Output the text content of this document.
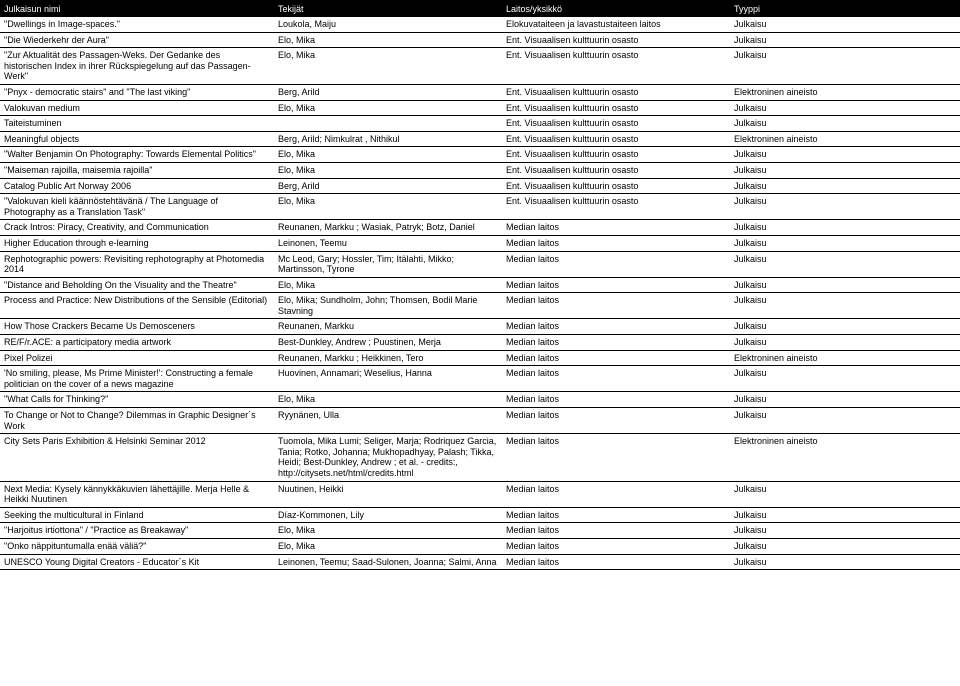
Julkaisun nimi	Tekijät	Laitos/yksikkö	Tyyppi
"Dwellings in Image-spaces."	Loukola, Maiju	Elokuvataiteen ja lavastustaiteen laitos	Julkaisu
"Die Wiederkehr der Aura"	Elo, Mika	Ent. Visuaalisen kulttuurin osasto	Julkaisu
"Zur Aktualität des Passagen-Weks. Der Gedanke des historischen Index in ihrer Rückspiegelung auf das Passagen-Werk"	Elo, Mika	Ent. Visuaalisen kulttuurin osasto	Julkaisu
"Pnyx - democratic stairs" and "The last viking"	Berg, Arild	Ent. Visuaalisen kulttuurin osasto	Elektroninen aineisto
Valokuvan medium	Elo, Mika	Ent. Visuaalisen kulttuurin osasto	Julkaisu
Taiteistuminen		Ent. Visuaalisen kulttuurin osasto	Julkaisu
Meaningful objects	Berg, Arild; Nimkulrat , Nithikul	Ent. Visuaalisen kulttuurin osasto	Elektroninen aineisto
"Walter Benjamin On Photography: Towards Elemental Politics"	Elo, Mika	Ent. Visuaalisen kulttuurin osasto	Julkaisu
"Maiseman rajoilla, maisemia rajoilla"	Elo, Mika	Ent. Visuaalisen kulttuurin osasto	Julkaisu
Catalog Public Art Norway 2006	Berg, Arild	Ent. Visuaalisen kulttuurin osasto	Julkaisu
"Valokuvan kieli käännöstehtävänä / The Language of Photography as a Translation Task"	Elo, Mika	Ent. Visuaalisen kulttuurin osasto	Julkaisu
Crack Intros: Piracy, Creativity, and Communication	Reunanen, Markku ; Wasiak, Patryk; Botz, Daniel	Median laitos	Julkaisu
Higher Education through e-learning	Leinonen, Teemu	Median laitos	Julkaisu
Rephotographic powers: Revisiting rephotography at Photomedia 2014	Mc Leod, Gary; Hossler, Tim; Itälahti, Mikko; Martinsson, Tyrone	Median laitos	Julkaisu
"Distance and Beholding On the Visuality and the Theatre"	Elo, Mika	Median laitos	Julkaisu
Process and Practice: New Distributions of the Sensible (Editorial)	Elo, Mika; Sundholm, John; Thomsen, Bodil Marie Stavning	Median laitos	Julkaisu
How Those Crackers Became Us Demosceners	Reunanen, Markku	Median laitos	Julkaisu
RE/F/r.ACE: a participatory media artwork	Best-Dunkley, Andrew ; Puustinen, Merja	Median laitos	Julkaisu
Pixel Polizei	Reunanen, Markku ; Heikkinen, Tero	Median laitos	Elektroninen aineisto
'No smiling, please, Ms Prime Minister!': Constructing a female politician on the cover of a news magazine	Huovinen, Annamari; Weselius, Hanna	Median laitos	Julkaisu
"What Calls for Thinking?"	Elo, Mika	Median laitos	Julkaisu
To Change or Not to Change? Dilemmas in Graphic Designer´s Work	Ryynänen, Ulla	Median laitos	Julkaisu
City Sets Paris Exhibition & Helsinki Seminar 2012	Tuomola, Mika Lumi; Seliger, Marja; Rodriquez Garcia, Tania; Rotko, Johanna; Mukhopadhyay, Palash; Tikka, Heidi; Best-Dunkley, Andrew ; et al. - credits:, http://citysets.net/html/credits.html	Median laitos	Elektroninen aineisto
Next Media: Kysely kännykkäkuvien lähettäjille. Merja Helle & Heikki Nuutinen	Nuutinen, Heikki	Median laitos	Julkaisu
Seeking the multicultural in Finland	Díaz-Kommonen, Lily	Median laitos	Julkaisu
"Harjoitus irtiottona" / "Practice as Breakaway"	Elo, Mika	Median laitos	Julkaisu
"Onko näppituntumalla enää väliä?"	Elo, Mika	Median laitos	Julkaisu
UNESCO Young Digital Creators - Educator´s Kit	Leinonen, Teemu; Saad-Sulonen, Joanna; Salmi, Anna	Median laitos	Julkaisu
